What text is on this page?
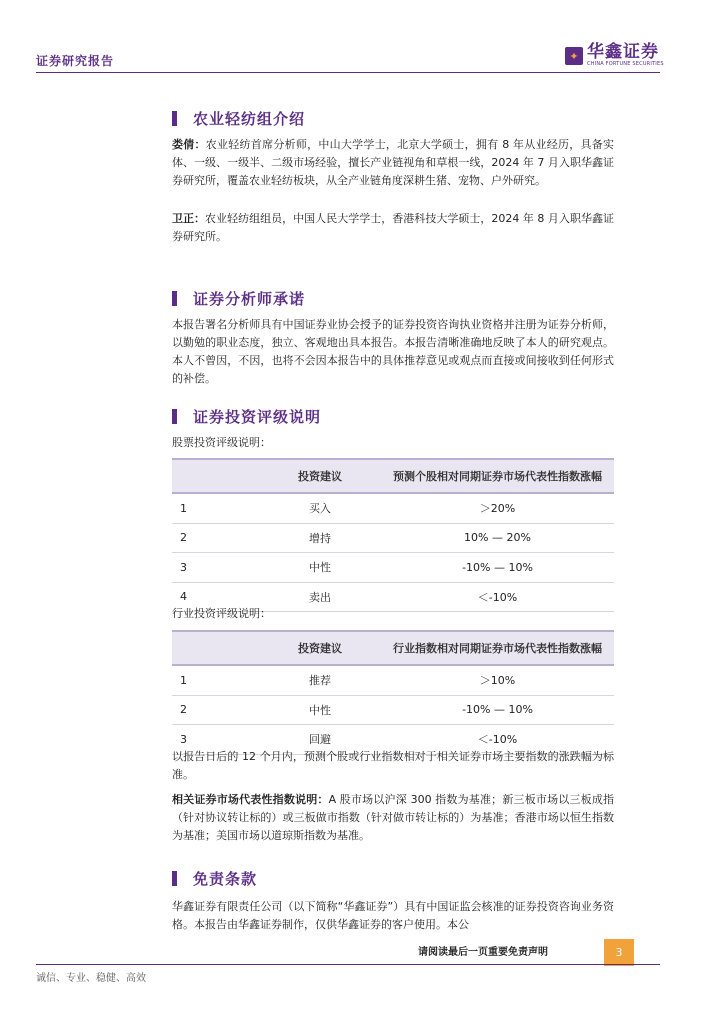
证券研究报告	✦ 华鑫证券
CHINA FORTUNE SECURITIES
农业轻纺组介绍
娄倩：农业轻纺首席分析师，中山大学学士，北京大学硕士，拥有 8 年从业经历，具备实体、一级、一级半、二级市场经验，擅长产业链视角和草根一线，2024 年 7 月入职华鑫证券研究所，覆盖农业轻纺板块，从全产业链角度深耕生猪、宠物、户外研究。
卫正：农业轻纺组组员，中国人民大学学士，香港科技大学硕士，2024 年 8 月入职华鑫证券研究所。
证券分析师承诺
本报告署名分析师具有中国证券业协会授予的证券投资咨询执业资格并注册为证券分析师，以勤勉的职业态度，独立、客观地出具本报告。本报告清晰准确地反映了本人的研究观点。本人不曾因，不因，也将不会因本报告中的具体推荐意见或观点而直接或间接收到任何形式的补偿。
证券投资评级说明
股票投资评级说明：
	投资建议	预测个股相对同期证券市场代表性指数涨幅
1	买入	＞20%
2	增持	10% — 20%
3	中性	-10% — 10%
4	卖出	＜-10%
行业投资评级说明：
	投资建议	行业指数相对同期证券市场代表性指数涨幅
1	推荐	＞10%
2	中性	-10% — 10%
3	回避	＜-10%
以报告日后的 12 个月内，预测个股或行业指数相对于相关证券市场主要指数的涨跌幅为标准。
相关证券市场代表性指数说明：A 股市场以沪深 300 指数为基准；新三板市场以三板成指（针对协议转让标的）或三板做市指数（针对做市转让标的）为基准；香港市场以恒生指数为基准；美国市场以道琼斯指数为基准。
免责条款
华鑫证券有限责任公司（以下简称“华鑫证券”）具有中国证监会核准的证券投资咨询业务资格。本报告由华鑫证券制作，仅供华鑫证券的客户使用。本公
请阅读最后一页重要免责声明	3
诚信、专业、稳健、高效
